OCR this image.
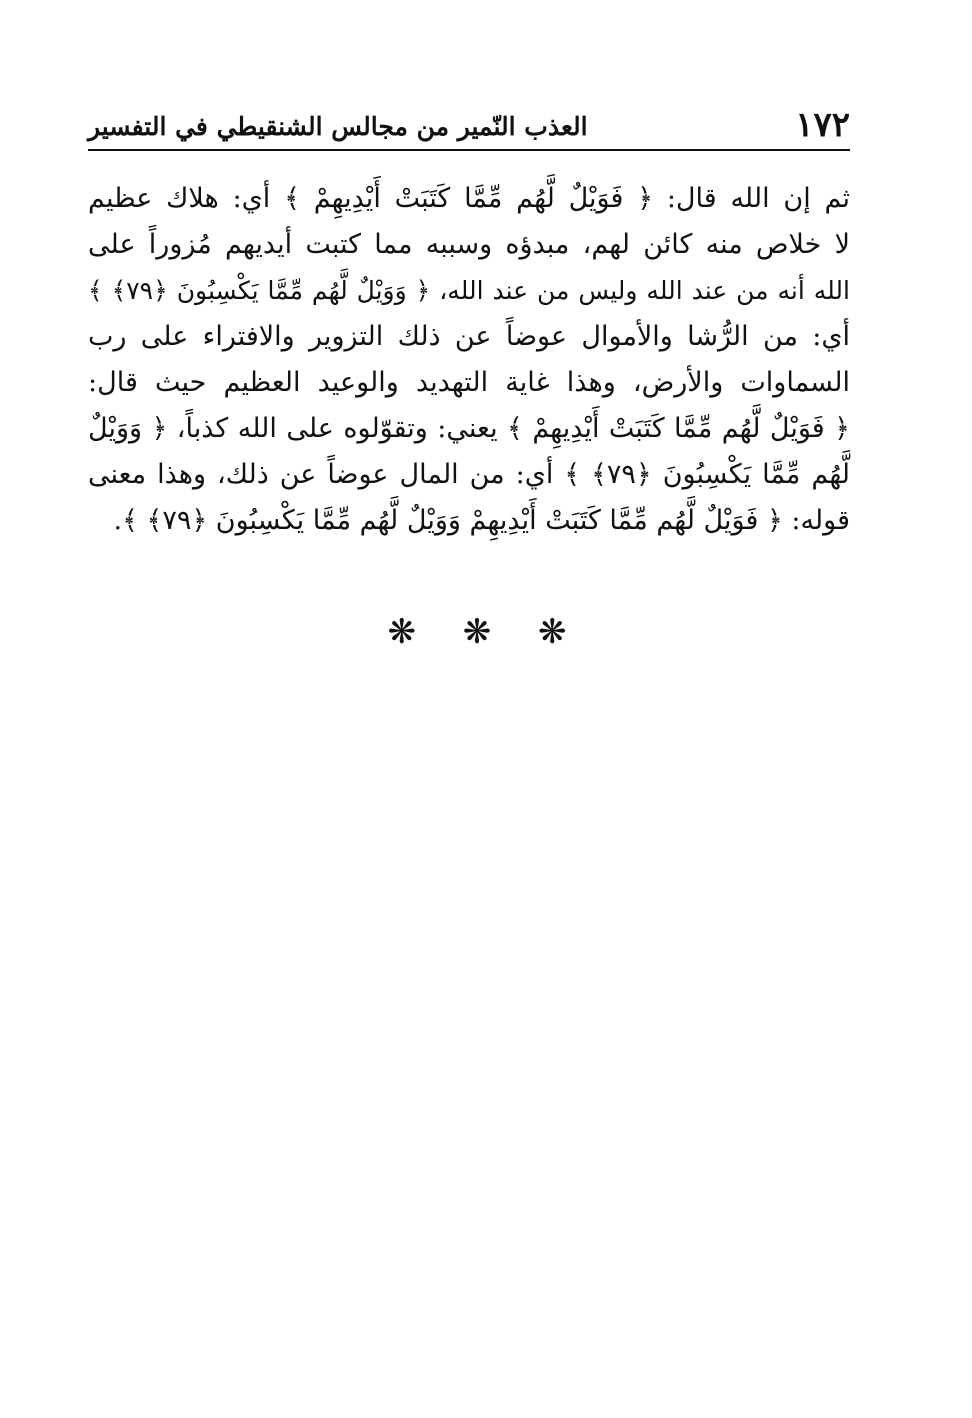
١٧٢
العذب النّمير من مجالس الشنقيطي في التفسير
ثم إن الله قال: ﴿ فَوَيْلٌ لَّهُم مِّمَّا كَتَبَتْ أَيْدِيهِمْ ﴾ أي: هلاك عظيم
لا خلاص منه كائن لهم، مبدؤه وسببه مما كتبت أيديهم مُزوراً على
الله أنه من عند الله وليس من عند الله، ﴿ وَوَيْلٌ لَّهُم مِّمَّا يَكْسِبُونَ ﴿٧٩﴾ ﴾
أي: من الرُّشا والأموال عوضاً عن ذلك التزوير والافتراء على رب
السماوات والأرض، وهذا غاية التهديد والوعيد العظيم حيث قال:
﴿ فَوَيْلٌ لَّهُم مِّمَّا كَتَبَتْ أَيْدِيهِمْ ﴾ يعني: وتقوّلوه على الله كذباً، ﴿ وَوَيْلٌ
لَّهُم مِّمَّا يَكْسِبُونَ ﴿٧٩﴾ ﴾ أي: من المال عوضاً عن ذلك، وهذا معنى
قوله: ﴿ فَوَيْلٌ لَّهُم مِّمَّا كَتَبَتْ أَيْدِيهِمْ وَوَيْلٌ لَّهُم مِّمَّا يَكْسِبُونَ ﴿٧٩﴾ ﴾.
❋ ❋ ❋
